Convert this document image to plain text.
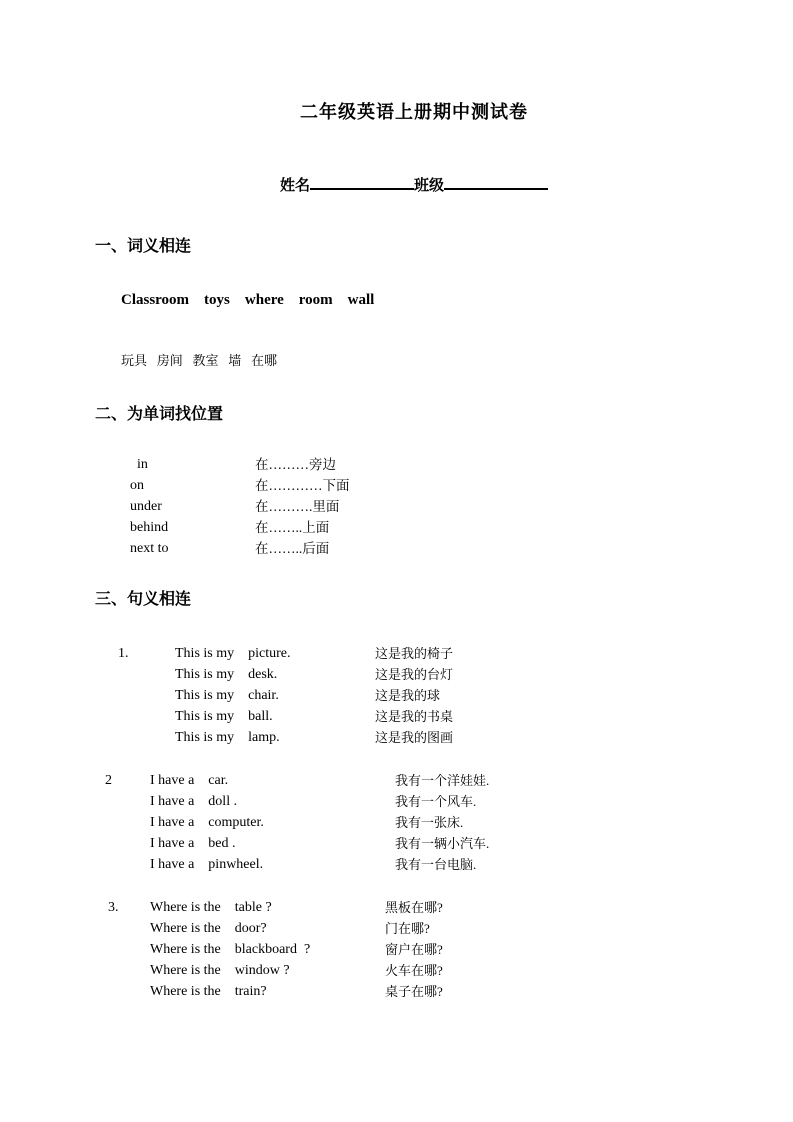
二年级英语上册期中测试卷
姓名	班级
一、词义相连
Classroom    toys    where    room    wall
玩具   房间   教室   墙   在哪
二、为单词找位置
in	在………旁边
on	在…………下面
under	在……….里面
behind	在……..上面
next to	在……..后面
三、句义相连
1.	This is my    picture.	这是我的椅子
This is my    desk.	这是我的台灯
This is my    chair.	这是我的球
This is my    ball.	这是我的书桌
This is my    lamp.	这是我的图画
2	I have a    car.	我有一个洋娃娃.
I have a    doll .	我有一个风车.
I have a    computer.	我有一张床.
I have a    bed .	我有一辆小汽车.
I have a    pinwheel.	我有一台电脑.
3.	Where is the    table ?	黑板在哪?
Where is the    door?	门在哪?
Where is the    blackboard  ?	窗户在哪?
Where is the    window ?	火车在哪?
Where is the    train?	桌子在哪?
